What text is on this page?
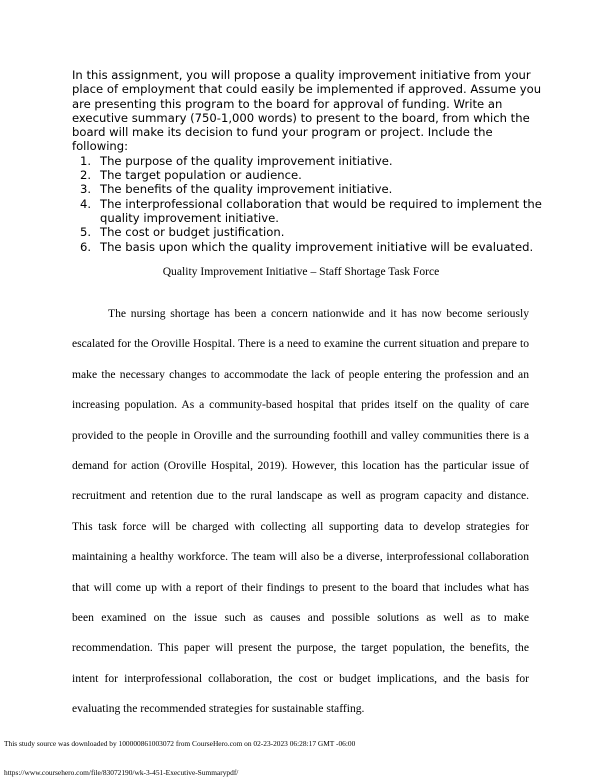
In this assignment, you will propose a quality improvement initiative from your place of employment that could easily be implemented if approved. Assume you are presenting this program to the board for approval of funding. Write an executive summary (750-1,000 words) to present to the board, from which the board will make its decision to fund your program or project. Include the following:

1. The purpose of the quality improvement initiative.
2. The target population or audience.
3. The benefits of the quality improvement initiative.
4. The interprofessional collaboration that would be required to implement the quality improvement initiative.
5. The cost or budget justification.
6. The basis upon which the quality improvement initiative will be evaluated.
Quality Improvement Initiative – Staff Shortage Task Force

The nursing shortage has been a concern nationwide and it has now become seriously escalated for the Oroville Hospital. There is a need to examine the current situation and prepare to make the necessary changes to accommodate the lack of people entering the profession and an increasing population. As a community-based hospital that prides itself on the quality of care provided to the people in Oroville and the surrounding foothill and valley communities there is a demand for action (Oroville Hospital, 2019). However, this location has the particular issue of recruitment and retention due to the rural landscape as well as program capacity and distance. This task force will be charged with collecting all supporting data to develop strategies for maintaining a healthy workforce. The team will also be a diverse, interprofessional collaboration that will come up with a report of their findings to present to the board that includes what has been examined on the issue such as causes and possible solutions as well as to make recommendation. This paper will present the purpose, the target population, the benefits, the intent for interprofessional collaboration, the cost or budget implications, and the basis for evaluating the recommended strategies for sustainable staffing.

This study source was downloaded by 100000861003072 from CourseHero.com on 02-23-2023 06:28:17 GMT -06:00
https://www.coursehero.com/file/83072190/wk-3-451-Executive-Summarypdf/
